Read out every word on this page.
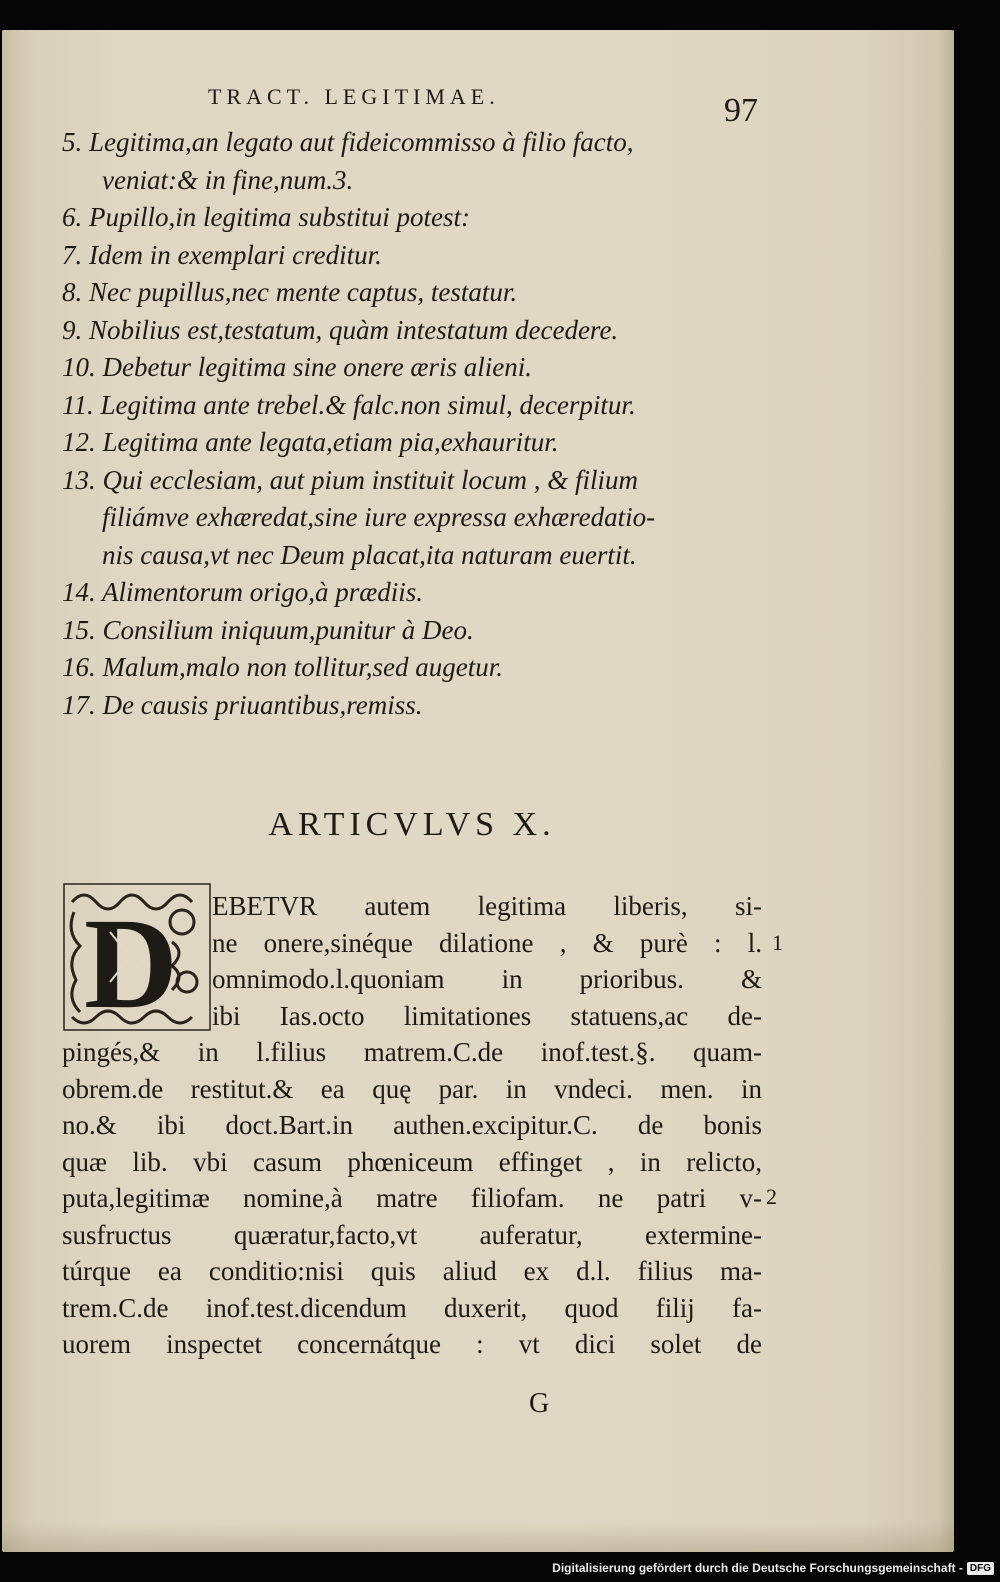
TRACT. LEGITIMAE.	97
5. Legitima,an legato aut fideicommisso à filio facto,
veniat:& in fine,num.3.
6. Pupillo,in legitima substitui potest:
7. Idem in exemplari creditur.
8. Nec pupillus,nec mente captus, testatur.
9. Nobilius est,testatum, quàm intestatum decedere.
10. Debetur legitima sine onere æris alieni.
11. Legitima ante trebel.& falc.non simul, decerpitur.
12. Legitima ante legata,etiam pia,exhauritur.
13. Qui ecclesiam, aut pium instituit locum , & filium
filiámve exhæredat,sine iure expressa exhæredatio-
nis causa,vt nec Deum placat,ita naturam euertit.
14. Alimentorum origo,à prædiis.
15. Consilium iniquum,punitur à Deo.
16. Malum,malo non tollitur,sed augetur.
17. De causis priuantibus,remiss.
ARTICVLVS X.
D	EBETVR autem legitima liberis, si-
ne onere,sinéque dilatione , & purè : l.
omnimodo.l.quoniam in prioribus. &
ibi Ias.octo limitationes statuens,ac de-
pingés,& in l.filius matrem.C.de inof.test.§. quam-
obrem.de restitut.& ea quę par. in vndeci. men. in
no.& ibi doct.Bart.in authen.excipitur.C. de bonis
quæ lib. vbi casum phœniceum effinget , in relicto,
puta,legitimæ nomine,à matre filiofam. ne patri v-
susfructus quæratur,facto,vt auferatur, extermine-
túrque ea conditio:nisi quis aliud ex d.l. filius ma-
trem.C.de inof.test.dicendum duxerit, quod filij fa-
uorem inspectet concernátque : vt dici solet de
1
2
G
Digitalisierung gefördert durch die Deutsche Forschungsgemeinschaft - DFG
